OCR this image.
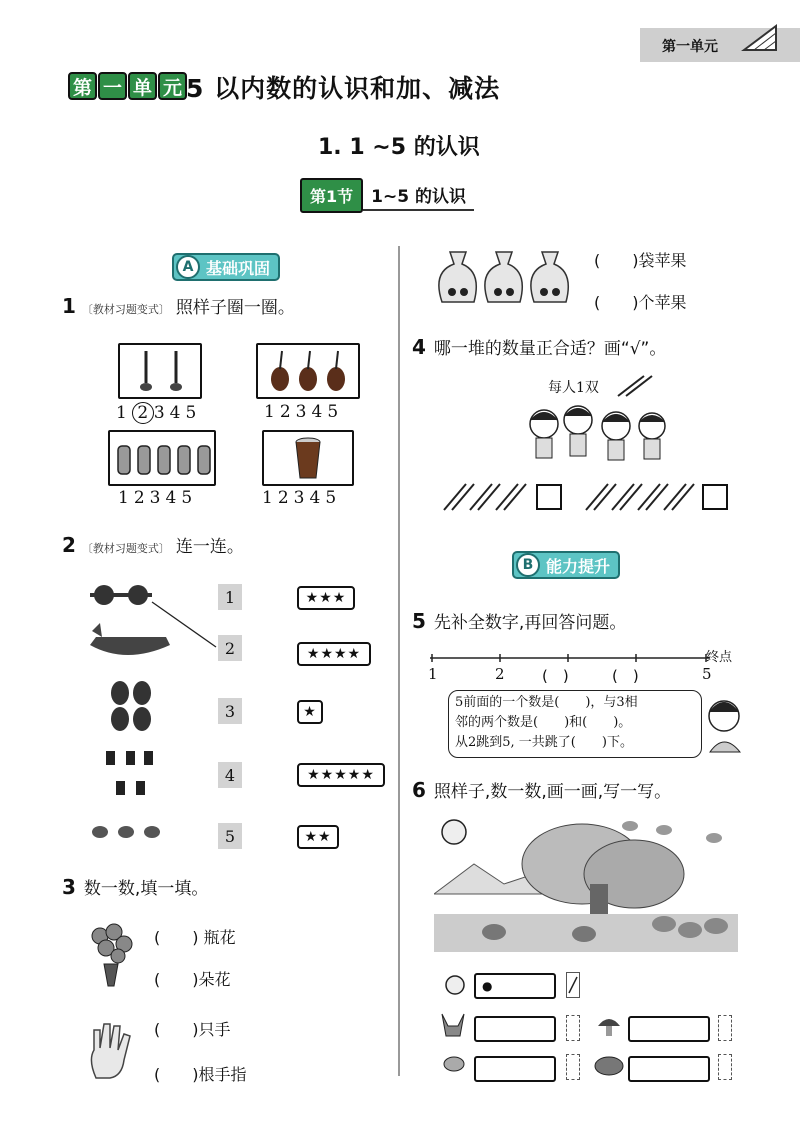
第一单元
第 一 单 元 5 以内数的认识和加、减法
1. 1 ~5 的认识
第1节	1~5 的认识
A 基础巩固
1 〔教材习题变式〕 照样子圈一圈。
1 2 345	12345
12345	12345
2 〔教材习题变式〕 连一连。
1
2
3
4
5
★★★
★★★★
★
★★★★★
★★
3 数一数,填一填。
(　　) 瓶花
(　　)朵花
(　　)只手
(　　)根手指
(　　)袋苹果
(　　)个苹果
4 哪一堆的数量正合适？画“√”。
每人1双
B 能力提升
5 先补全数字,再回答问题。
终点
1	2 (　)	(　)	5
5前面的一个数是(　　)，与3相
邻的两个数是(　　)和(　　)。
从2跳到5, 一共跳了(　　)下。
6 照样子,数一数,画一画,写一写。
●
